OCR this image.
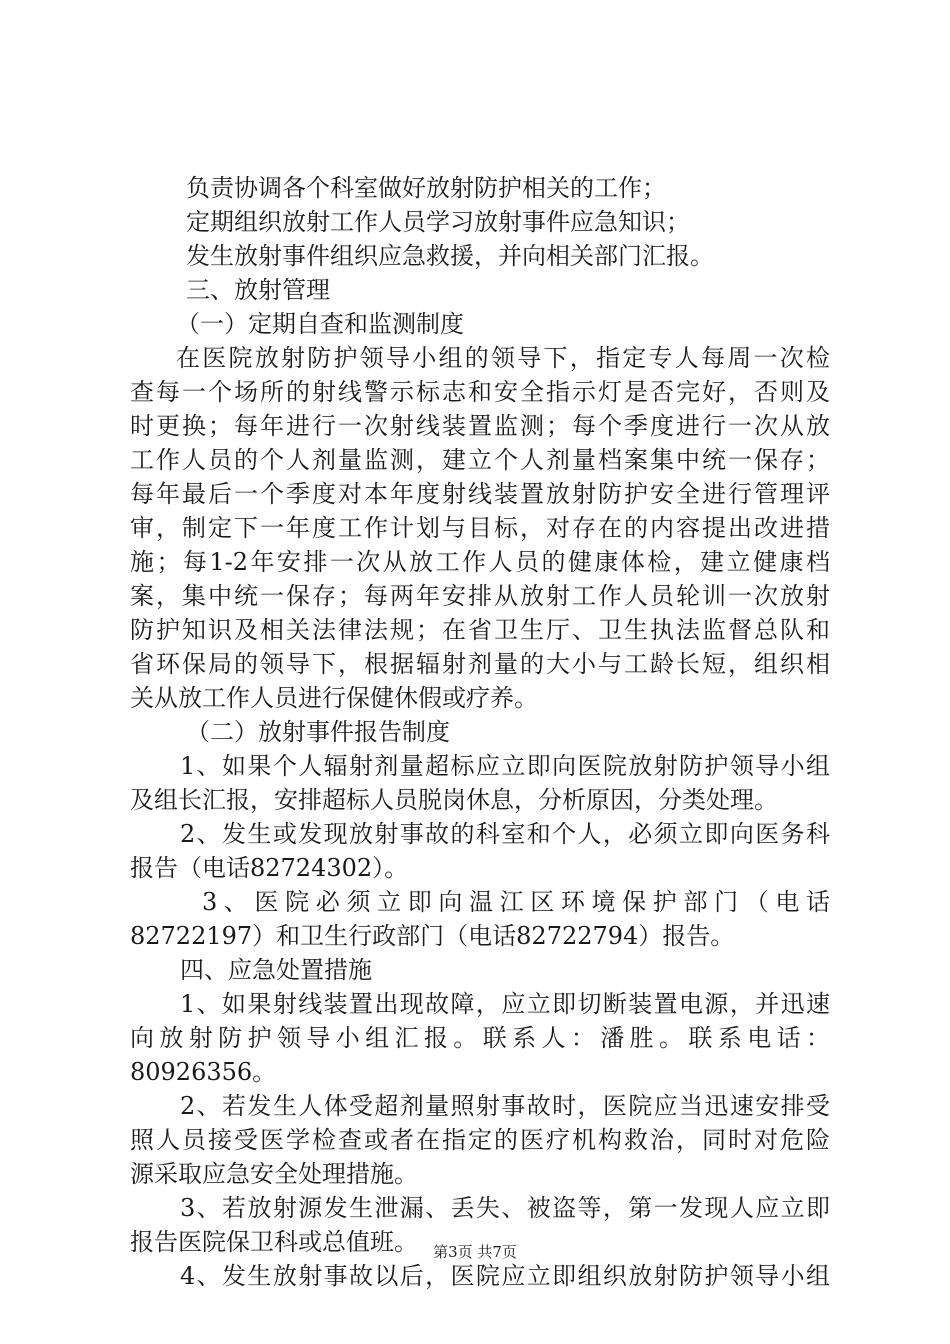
负责协调各个科室做好放射防护相关的工作；
定期组织放射工作人员学习放射事件应急知识；
发生放射事件组织应急救援，并向相关部门汇报。
三、放射管理
（一）定期自查和监测制度
在医院放射防护领导小组的领导下，指定专人每周一次检
查每一个场所的射线警示标志和安全指示灯是否完好，否则及
时更换；每年进行一次射线装置监测；每个季度进行一次从放
工作人员的个人剂量监测，建立个人剂量档案集中统一保存；
每年最后一个季度对本年度射线装置放射防护安全进行管理评
审，制定下一年度工作计划与目标，对存在的内容提出改进措
施；每1-2年安排一次从放工作人员的健康体检，建立健康档
案，集中统一保存；每两年安排从放射工作人员轮训一次放射
防护知识及相关法律法规；在省卫生厅、卫生执法监督总队和
省环保局的领导下，根据辐射剂量的大小与工龄长短，组织相
关从放工作人员进行保健休假或疗养。
（二）放射事件报告制度
1、如果个人辐射剂量超标应立即向医院放射防护领导小组
及组长汇报，安排超标人员脱岗休息，分析原因，分类处理。
2、发生或发现放射事故的科室和个人，必须立即向医务科
报告（电话82724302）。
3、医院必须立即向温江区环境保护部门（电话
82722197）和卫生行政部门（电话82722794）报告。
四、应急处置措施
1、如果射线装置出现故障，应立即切断装置电源，并迅速
向放射防护领导小组汇报。联系人：潘胜。联系电话：
80926356。
2、若发生人体受超剂量照射事故时，医院应当迅速安排受
照人员接受医学检查或者在指定的医疗机构救治，同时对危险
源采取应急安全处理措施。
3、若放射源发生泄漏、丢失、被盗等，第一发现人应立即
报告医院保卫科或总值班。
4、发生放射事故以后，医院应立即组织放射防护领导小组
第3页 共7页
